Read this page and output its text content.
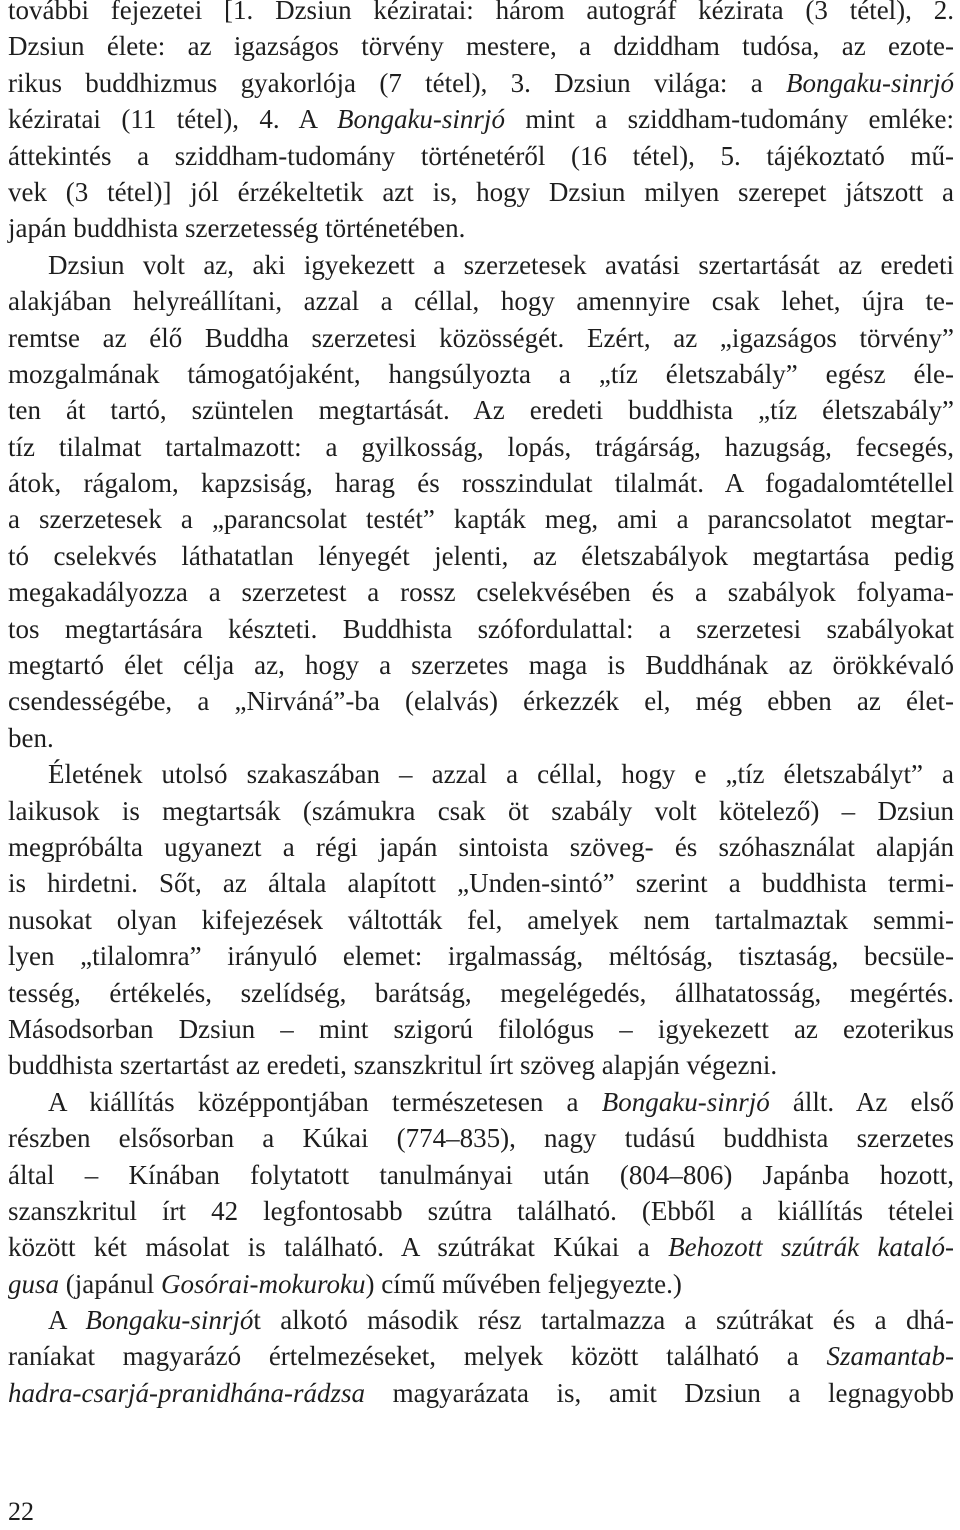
további fejezetei [1. Dzsiun kéziratai: három autográf kézirata (3 tétel), 2.
Dzsiun élete: az igazságos törvény mestere, a dziddham tudósa, az ezote-
rikus buddhizmus gyakorlója (7 tétel), 3. Dzsiun világa: a Bongaku-sinrjó
kéziratai (11 tétel), 4. A Bongaku-sinrjó mint a sziddham-tudomány emléke:
áttekintés a sziddham-tudomány történetéről (16 tétel), 5. tájékoztató mű-
vek (3 tétel)] jól érzékeltetik azt is, hogy Dzsiun milyen szerepet játszott a
japán buddhista szerzetesség történetében.
Dzsiun volt az, aki igyekezett a szerzetesek avatási szertartását az eredeti
alakjában helyreállítani, azzal a céllal, hogy amennyire csak lehet, újra te-
remtse az élő Buddha szerzetesi közösségét. Ezért, az „igazságos törvény”
mozgalmának támogatójaként, hangsúlyozta a „tíz életszabály” egész éle-
ten át tartó, szüntelen megtartását. Az eredeti buddhista „tíz életszabály”
tíz tilalmat tartalmazott: a gyilkosság, lopás, trágárság, hazugság, fecsegés,
átok, rágalom, kapzsiság, harag és rosszindulat tilalmát. A fogadalomtétellel
a szerzetesek a „parancsolat testét” kapták meg, ami a parancsolatot megtar-
tó cselekvés láthatatlan lényegét jelenti, az életszabályok megtartása pedig
megakadályozza a szerzetest a rossz cselekvésében és a szabályok folyama-
tos megtartására készteti. Buddhista szófordulattal: a szerzetesi szabályokat
megtartó élet célja az, hogy a szerzetes maga is Buddhának az örökkévaló
csendességébe, a „Nirváná”-ba (elalvás) érkezzék el, még ebben az élet-
ben.
Életének utolsó szakaszában – azzal a céllal, hogy e „tíz életszabályt” a
laikusok is megtartsák (számukra csak öt szabály volt kötelező) – Dzsiun
megpróbálta ugyanezt a régi japán sintoista szöveg- és szóhasználat alapján
is hirdetni. Sőt, az általa alapított „Unden-sintó” szerint a buddhista termi-
nusokat olyan kifejezések váltották fel, amelyek nem tartalmaztak semmi-
lyen „tilalomra” irányuló elemet: irgalmasság, méltóság, tisztaság, becsüle-
tesség, értékelés, szelídség, barátság, megelégedés, állhatatosság, megértés.
Másodsorban Dzsiun – mint szigorú filológus – igyekezett az ezoterikus
buddhista szertartást az eredeti, szanszkritul írt szöveg alapján végezni.
A kiállítás középpontjában természetesen a Bongaku-sinrjó állt. Az első
részben elsősorban a Kúkai (774–835), nagy tudású buddhista szerzetes
által – Kínában folytatott tanulmányai után (804–806) Japánba hozott,
szanszkritul írt 42 legfontosabb szútra található. (Ebből a kiállítás tételei
között két másolat is található. A szútrákat Kúkai a Behozott szútrák kataló-
gusa (japánul Gosórai-mokuroku) című művében feljegyezte.)
A Bongaku-sinrjót alkotó második rész tartalmazza a szútrákat és a dhá-
raníakat magyarázó értelmezéseket, melyek között található a Szamantab-
hadra-csarjá-pranidhána-rádzsa magyarázata is, amit Dzsiun a legnagyobb
22
